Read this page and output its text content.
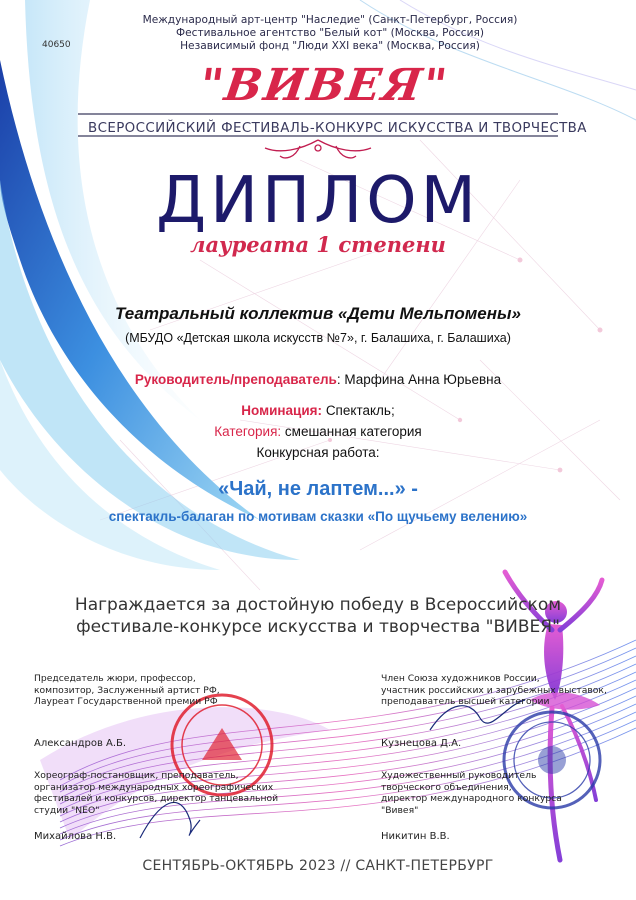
40650
Международный арт-центр "Наследие" (Санкт-Петербург, Россия)
Фестивальное агентство "Белый кот" (Москва, Россия)
Независимый фонд "Люди XXI века" (Москва, Россия)
"ВИВЕЯ"
ВСЕРОССИЙСКИЙ ФЕСТИВАЛЬ-КОНКУРС ИСКУССТВА И ТВОРЧЕСТВА
ДИПЛОМ
лауреата 1 степени
Театральный коллектив «Дети Мельпомены»
(МБУДО «Детская школа искусств №7», г. Балашиха, г. Балашиха)
Руководитель/преподаватель: Марфина Анна Юрьевна
Номинация: Спектакль;
Категория: смешанная категория
Конкурсная работа:
«Чай, не лаптем...» -
спектакль-балаган по мотивам сказки «По щучьему велению»
Награждается за достойную победу в Всероссийском
фестивале-конкурсе искусства и творчества "ВИВЕЯ"
Председатель жюри, профессор,
композитор, Заслуженный артист РФ,
Лауреат Государственной премии РФ
Александров А.Б.
Хореограф-постановщик, преподаватель,
организатор международных хореографических
фестивалей и конкурсов, директор танцевальной
студии "NEO"
Михайлова Н.В.
Член Союза художников России,
участник российских и зарубежных выставок,
преподаватель высшей категории
Кузнецова Д.А.
Художественный руководитель
творческого объединения,
директор международного конкурса
"Вивея"
Никитин В.В.
СЕНТЯБРЬ-ОКТЯБРЬ 2023 // САНКТ-ПЕТЕРБУРГ
